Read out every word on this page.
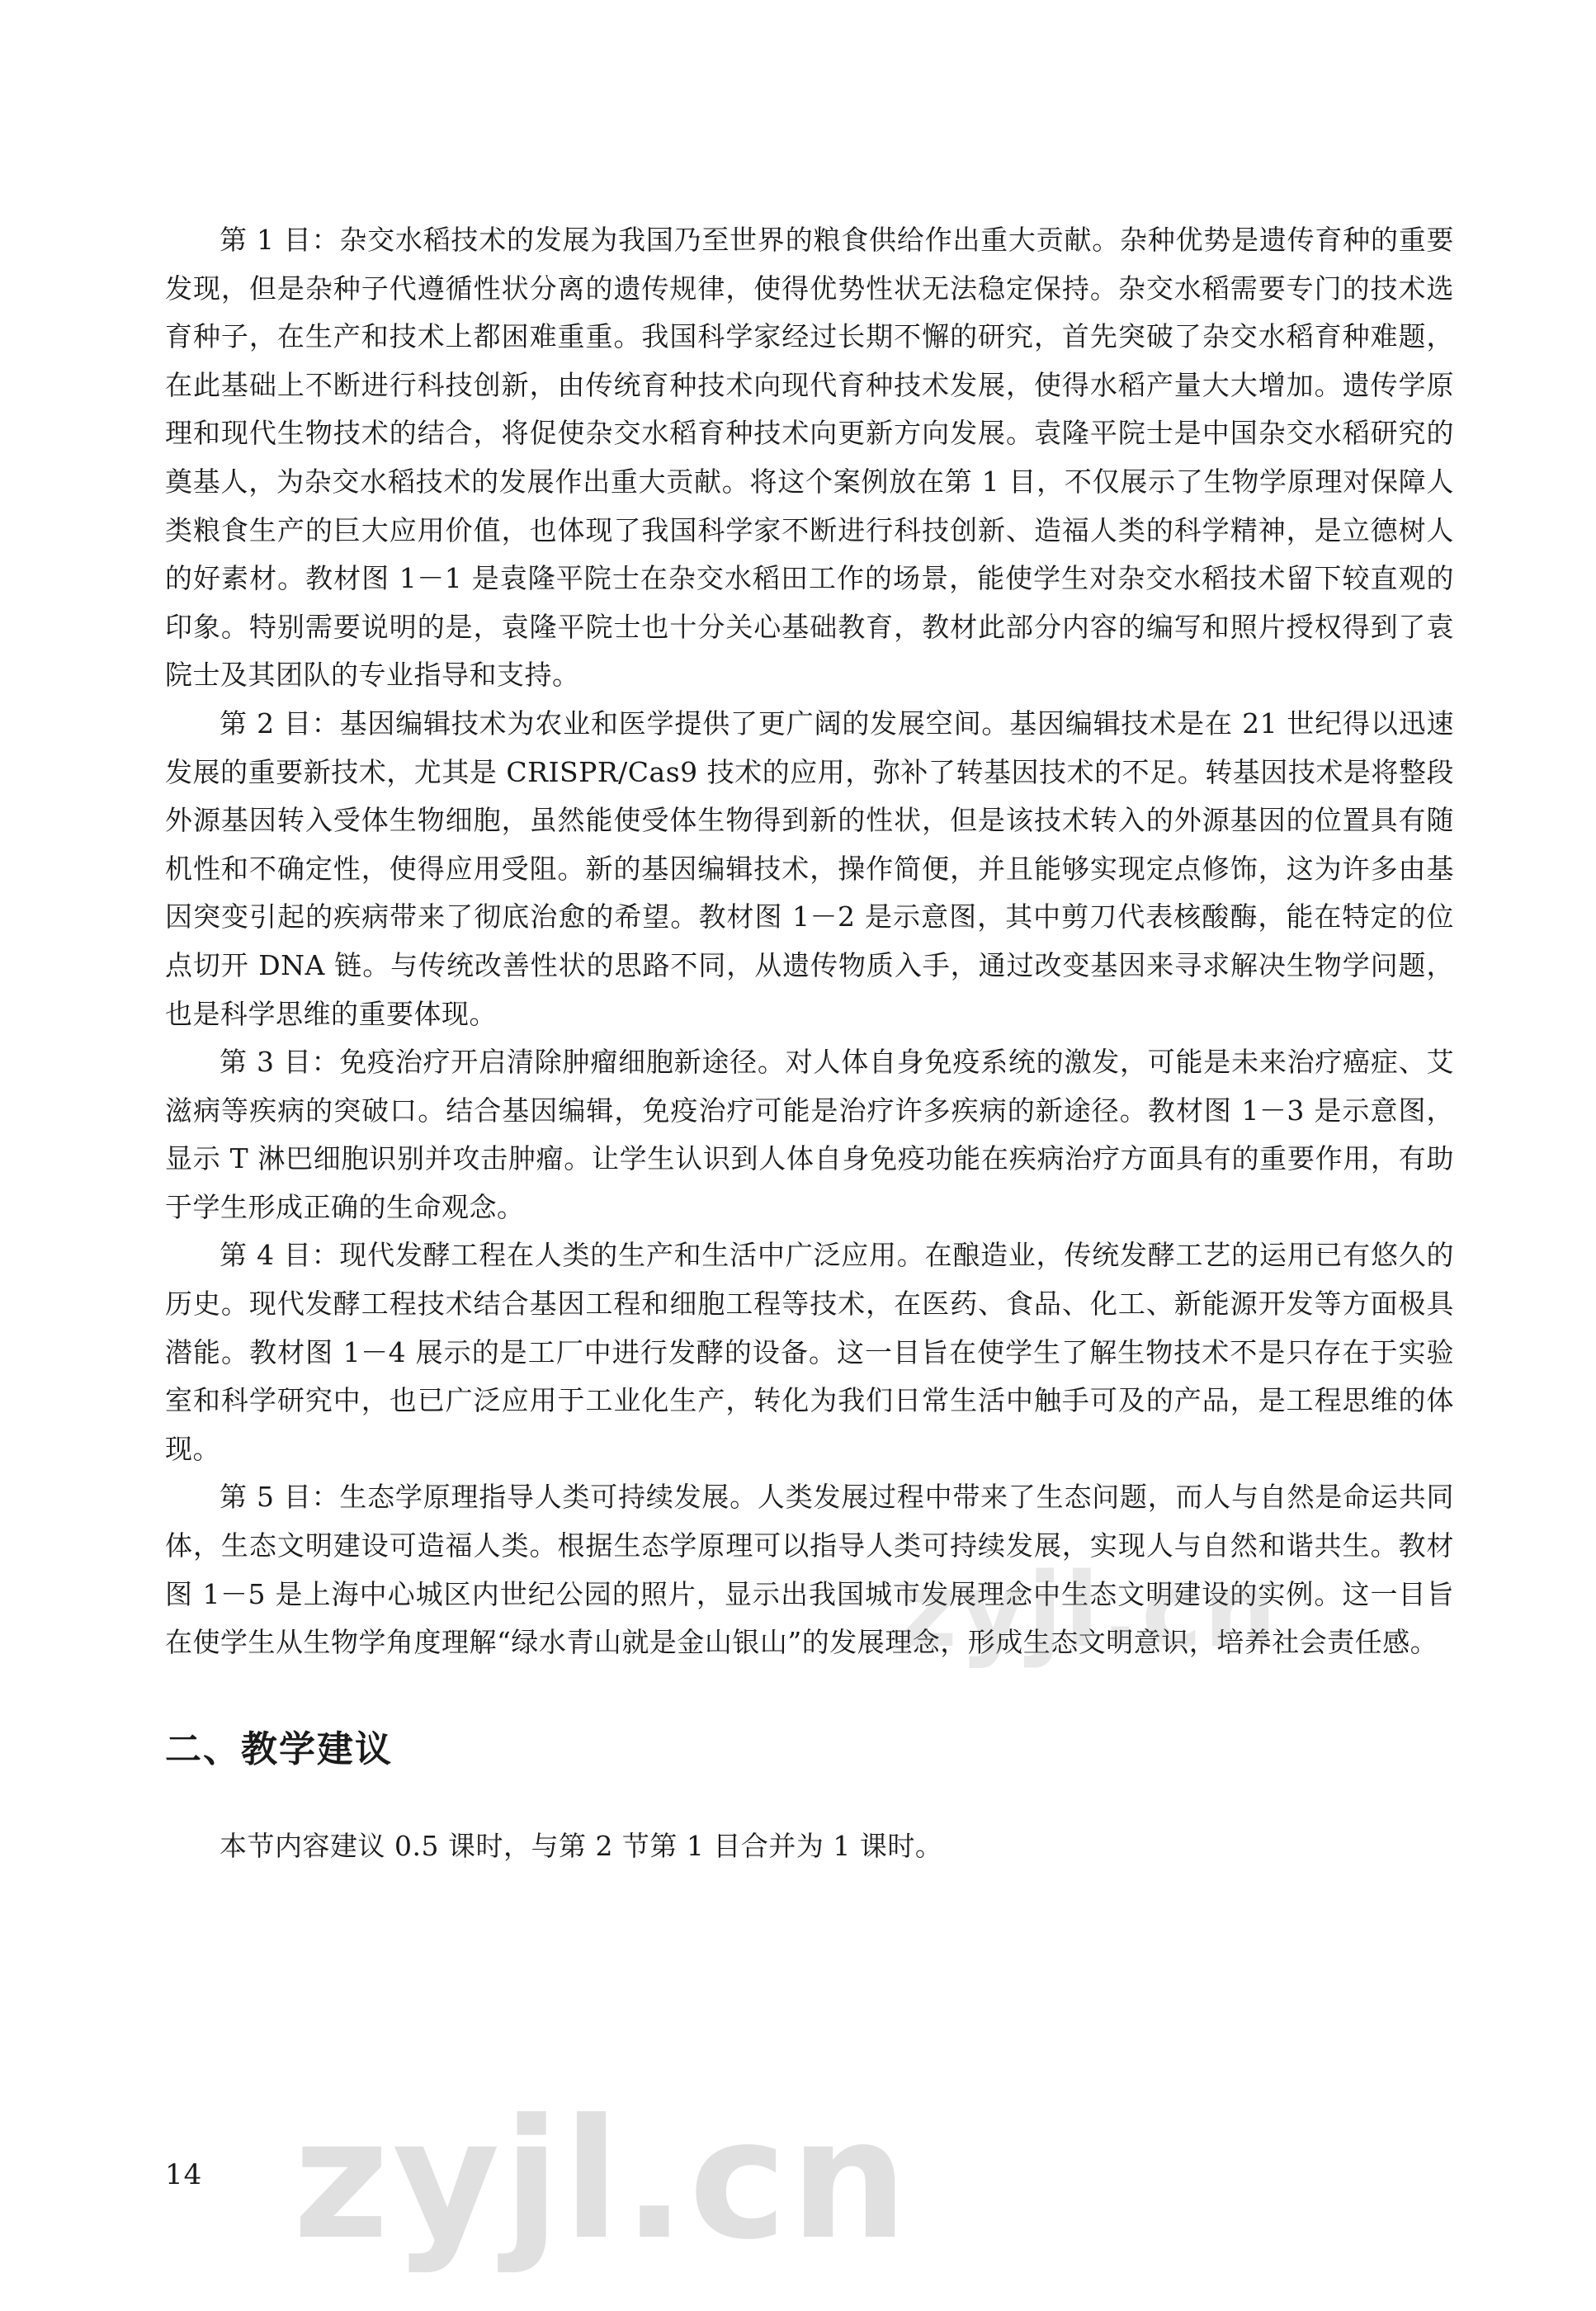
第 1 目：杂交水稻技术的发展为我国乃至世界的粮食供给作出重大贡献。杂种优势是遗传育种的重要发现，但是杂种子代遵循性状分离的遗传规律，使得优势性状无法稳定保持。杂交水稻需要专门的技术选育种子，在生产和技术上都困难重重。我国科学家经过长期不懈的研究，首先突破了杂交水稻育种难题，在此基础上不断进行科技创新，由传统育种技术向现代育种技术发展，使得水稻产量大大增加。遗传学原理和现代生物技术的结合，将促使杂交水稻育种技术向更新方向发展。袁隆平院士是中国杂交水稻研究的奠基人，为杂交水稻技术的发展作出重大贡献。将这个案例放在第 1 目，不仅展示了生物学原理对保障人类粮食生产的巨大应用价值，也体现了我国科学家不断进行科技创新、造福人类的科学精神，是立德树人的好素材。教材图 1－1 是袁隆平院士在杂交水稻田工作的场景，能使学生对杂交水稻技术留下较直观的印象。特别需要说明的是，袁隆平院士也十分关心基础教育，教材此部分内容的编写和照片授权得到了袁院士及其团队的专业指导和支持。

第 2 目：基因编辑技术为农业和医学提供了更广阔的发展空间。基因编辑技术是在 21 世纪得以迅速发展的重要新技术，尤其是 CRISPR/Cas9 技术的应用，弥补了转基因技术的不足。转基因技术是将整段外源基因转入受体生物细胞，虽然能使受体生物得到新的性状，但是该技术转入的外源基因的位置具有随机性和不确定性，使得应用受阻。新的基因编辑技术，操作简便，并且能够实现定点修饰，这为许多由基因突变引起的疾病带来了彻底治愈的希望。教材图 1－2 是示意图，其中剪刀代表核酸酶，能在特定的位点切开 DNA 链。与传统改善性状的思路不同，从遗传物质入手，通过改变基因来寻求解决生物学问题，也是科学思维的重要体现。

第 3 目：免疫治疗开启清除肿瘤细胞新途径。对人体自身免疫系统的激发，可能是未来治疗癌症、艾滋病等疾病的突破口。结合基因编辑，免疫治疗可能是治疗许多疾病的新途径。教材图 1－3 是示意图，显示 T 淋巴细胞识别并攻击肿瘤。让学生认识到人体自身免疫功能在疾病治疗方面具有的重要作用，有助于学生形成正确的生命观念。

第 4 目：现代发酵工程在人类的生产和生活中广泛应用。在酿造业，传统发酵工艺的运用已有悠久的历史。现代发酵工程技术结合基因工程和细胞工程等技术，在医药、食品、化工、新能源开发等方面极具潜能。教材图 1－4 展示的是工厂中进行发酵的设备。这一目旨在使学生了解生物技术不是只存在于实验室和科学研究中，也已广泛应用于工业化生产，转化为我们日常生活中触手可及的产品，是工程思维的体现。

第 5 目：生态学原理指导人类可持续发展。人类发展过程中带来了生态问题，而人与自然是命运共同体，生态文明建设可造福人类。根据生态学原理可以指导人类可持续发展，实现人与自然和谐共生。教材图 1－5 是上海中心城区内世纪公园的照片，显示出我国城市发展理念中生态文明建设的实例。这一目旨在使学生从生物学角度理解“绿水青山就是金山银山”的发展理念，形成生态文明意识，培养社会责任感。

二、教学建议

本节内容建议 0.5 课时，与第 2 节第 1 目合并为 1 课时。

14
zyjl.cn
zyjl.cn
